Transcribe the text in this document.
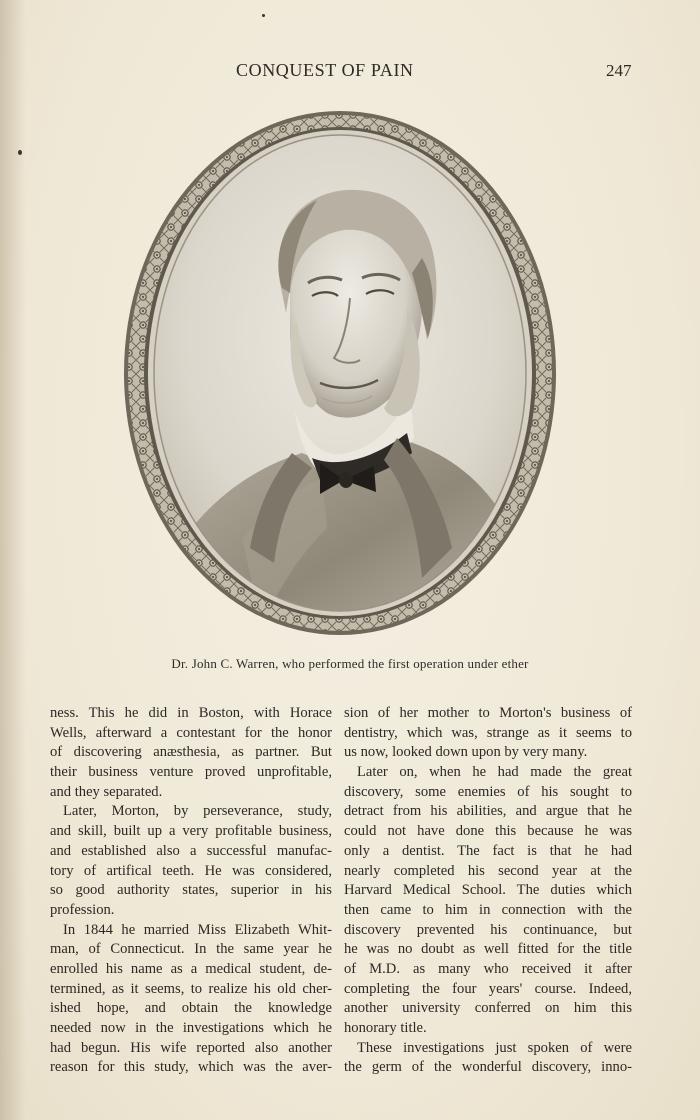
CONQUEST OF PAIN	247
Dr. John C. Warren, who performed the first operation under ether
ness. This he did in Boston, with Horace
Wells, afterward a contestant for the honor
of discovering anæsthesia, as partner. But
their business venture proved unprofitable,
and they separated.
Later, Morton, by perseverance, study,
and skill, built up a very profitable business,
and established also a successful manufac-
tory of artifical teeth. He was considered,
so good authority states, superior in his
profession.
In 1844 he married Miss Elizabeth Whit-
man, of Connecticut. In the same year he
enrolled his name as a medical student, de-
termined, as it seems, to realize his old cher-
ished hope, and obtain the knowledge
needed now in the investigations which he
had begun. His wife reported also another
reason for this study, which was the aver-
sion of her mother to Morton's business of
dentistry, which was, strange as it seems to
us now, looked down upon by very many.
Later on, when he had made the great
discovery, some enemies of his sought to
detract from his abilities, and argue that he
could not have done this because he was
only a dentist. The fact is that he had
nearly completed his second year at the
Harvard Medical School. The duties which
then came to him in connection with the
discovery prevented his continuance, but
he was no doubt as well fitted for the title
of M.D. as many who received it after
completing the four years' course. Indeed,
another university conferred on him this
honorary title.
These investigations just spoken of were
the germ of the wonderful discovery, inno-
